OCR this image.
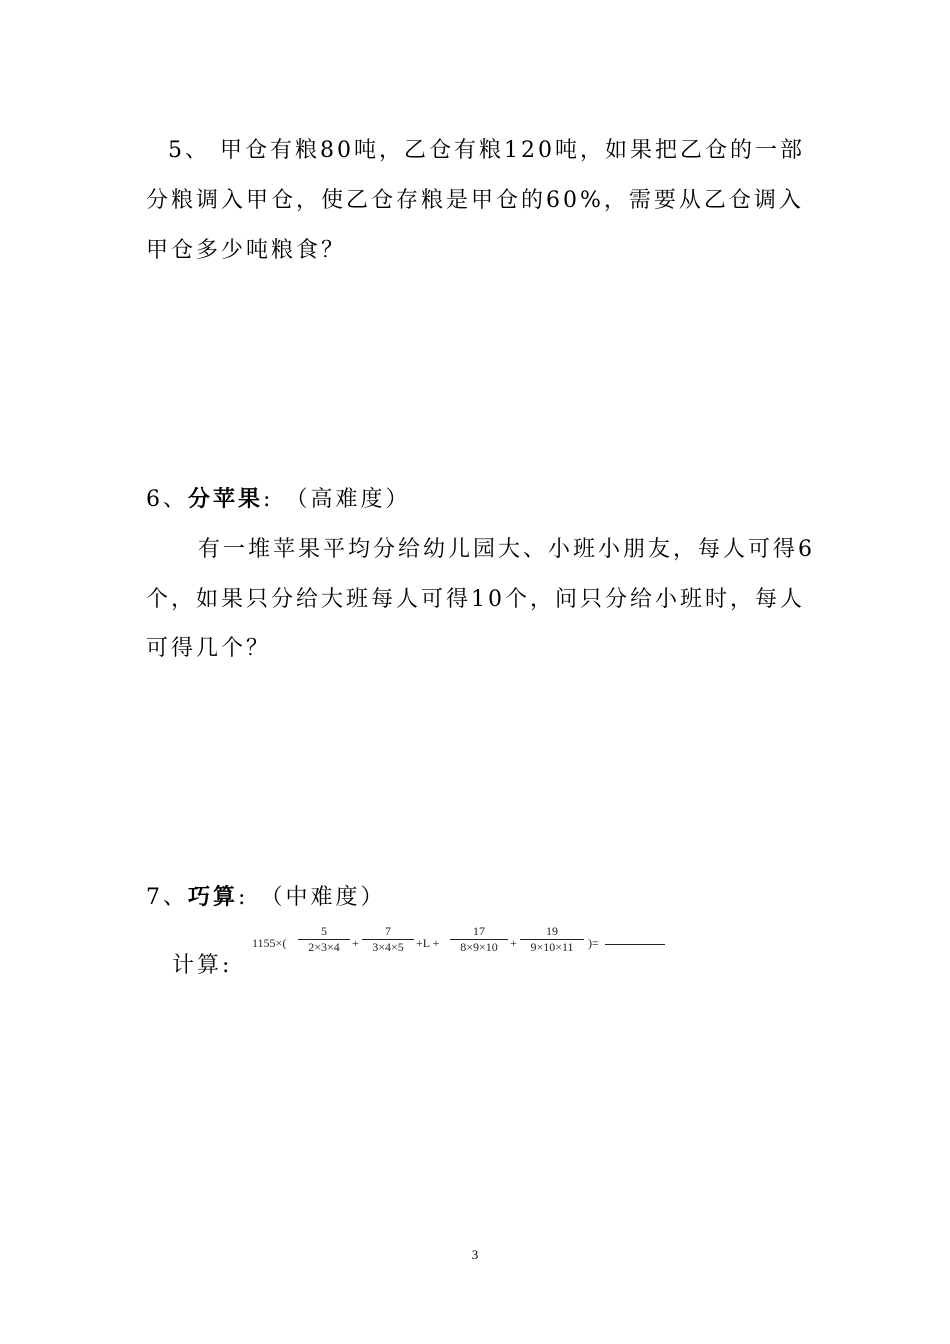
5、 甲仓有粮80吨，乙仓有粮120吨，如果把乙仓的一部
分粮调入甲仓，使乙仓存粮是甲仓的60%，需要从乙仓调入
甲仓多少吨粮食？
6、分苹果: （高难度）
有一堆苹果平均分给幼儿园大、小班小朋友，每人可得6
个，如果只分给大班每人可得10个，问只分给小班时，每人
可得几个？
7、巧算: （中难度）
计算:
1155×(
5
2×3×4	+
7
3×4×5	+L +
17
8×9×10	+
19
9×10×11	)=
3
